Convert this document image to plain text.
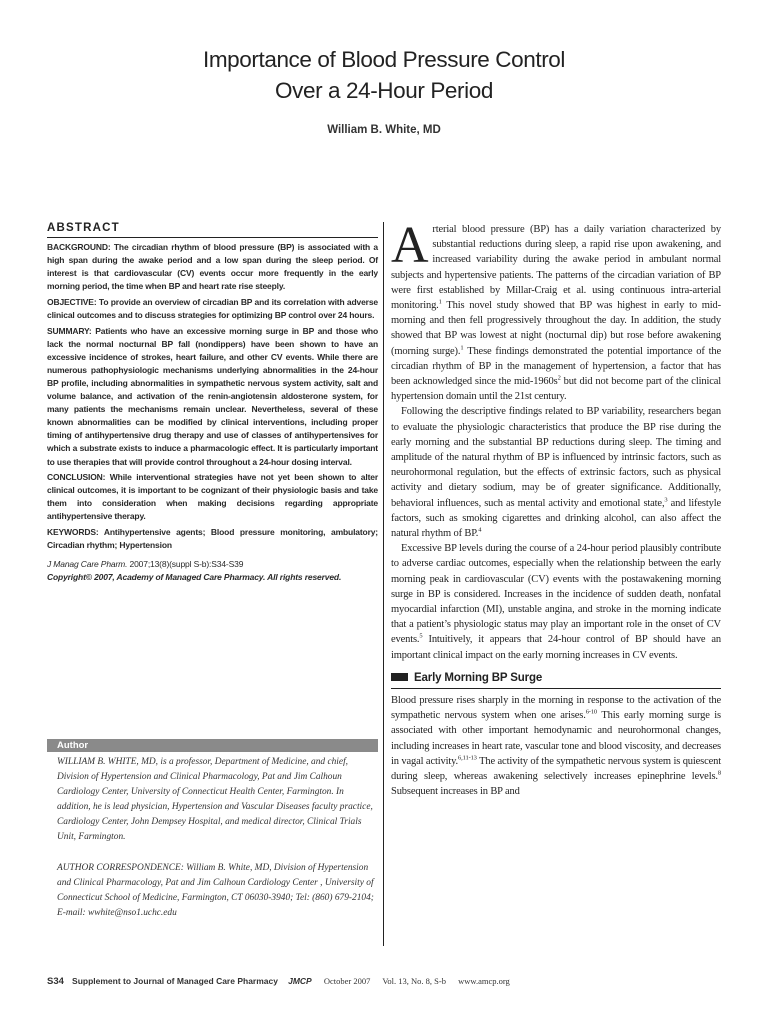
Importance of Blood Pressure Control
Over a 24-Hour Period
William B. White, MD
ABSTRACT

BACKGROUND: The circadian rhythm of blood pressure (BP) is associated with a high span during the awake period and a low span during the sleep period. Of interest is that cardiovascular (CV) events occur more frequently in the early morning period, the time when BP and heart rate rise steeply.

OBJECTIVE: To provide an overview of circadian BP and its correlation with adverse clinical outcomes and to discuss strategies for optimizing BP control over 24 hours.

SUMMARY: Patients who have an excessive morning surge in BP and those who lack the normal nocturnal BP fall (nondippers) have been shown to have an excessive incidence of strokes, heart failure, and other CV events. While there are numerous pathophysiologic mechanisms underlying abnormalities in the 24-hour BP profile, including abnormalities in sympathetic nervous system activity, salt and volume balance, and activation of the renin-angiotensin aldosterone system, for many patients the mechanisms remain unclear. Nevertheless, several of these known abnormalities can be modified by clinical interventions, including proper timing of antihypertensive drug therapy and use of classes of antihypertensives for which a substrate exists to induce a pharmacologic effect. It is particularly important to use therapies that will provide control throughout a 24-hour dosing interval.

CONCLUSION: While interventional strategies have not yet been shown to alter clinical outcomes, it is important to be cognizant of their physiologic basis and take them into consideration when making decisions regarding appropriate antihypertensive therapy.

KEYWORDS: Antihypertensive agents; Blood pressure monitoring, ambulatory; Circadian rhythm; Hypertension

J Manag Care Pharm. 2007;13(8)(suppl S-b):S34-S39

Copyright© 2007, Academy of Managed Care Pharmacy. All rights reserved.

Author

WILLIAM B. WHITE, MD, is a professor, Department of Medicine, and chief, Division of Hypertension and Clinical Pharmacology, Pat and Jim Calhoun Cardiology Center, University of Connecticut Health Center, Farmington. In addition, he is lead physician, Hypertension and Vascular Diseases faculty practice, Cardiology Center, John Dempsey Hospital, and medical director, Clinical Trials Unit, Farmington.

AUTHOR CORRESPONDENCE: William B. White, MD, Division of Hypertension and Clinical Pharmacology, Pat and Jim Calhoun Cardiology Center , University of Connecticut School of Medicine, Farmington, CT 06030-3940; Tel: (860) 679-2104; E-mail: wwhite@nso1.uchc.edu

Arterial blood pressure (BP) has a daily variation characterized by substantial reductions during sleep, a rapid rise upon awakening, and increased variability during the awake period in ambulant normal subjects and hypertensive patients. The patterns of the circadian variation of BP were first established by Millar-Craig et al. using continuous intra-arterial monitoring.$^1$ This novel study showed that BP was highest in early to mid-morning and then fell progressively throughout the day. In addition, the study showed that BP was lowest at night (nocturnal dip) but rose before awakening (morning surge).$^1$ These findings demonstrated the potential importance of the circadian rhythm of BP in the management of hypertension, a factor that has been acknowledged since the mid-$1960s^2$ but did not become part of the clinical hypertension domain until the 21st century.

Following the descriptive findings related to BP variability, researchers began to evaluate the physiologic characteristics that produce the BP rise during the early morning and the substantial BP reductions during sleep. The timing and amplitude of the natural rhythm of BP is influenced by intrinsic factors, such as neurohormonal regulation, but the effects of extrinsic factors, such as physical activity and dietary sodium, may be of greater significance. Additionally, behavioral influences, such as mental activity and emotional state,$^3$ and lifestyle factors, such as smoking cigarettes and drinking alcohol, can also affect the natural rhythm of BP.$^4$

Excessive BP levels during the course of a 24-hour period plausibly contribute to adverse cardiac outcomes, especially when the relationship between the early morning peak in cardiovascular (CV) events with the postawakening morning surge in BP is considered. Increases in the incidence of sudden death, nonfatal myocardial infarction (MI), unstable angina, and stroke in the morning indicate that a patient’s physiologic status may play an important role in the onset of CV events.$^5$ Intuitively, it appears that 24-hour control of BP should have an important clinical impact on the early morning increases in CV events.

Early Morning BP Surge

Blood pressure rises sharply in the morning in response to the activation of the sympathetic nervous system when one arises.$^{6-10}$ This early morning surge is associated with other important hemodynamic and neurohormonal changes, including increases in heart rate, vascular tone and blood viscosity, and decreases in vagal activity.$^{6,11-13}$ The activity of the sympathetic nervous system is quiescent during sleep, whereas awakening selectively increases epinephrine levels.$^8$ Subsequent increases in BP and

S34 Supplement to Journal of Managed Care Pharmacy JMCP October 2007 Vol. 13, No. 8, S-b www.amcp.org
